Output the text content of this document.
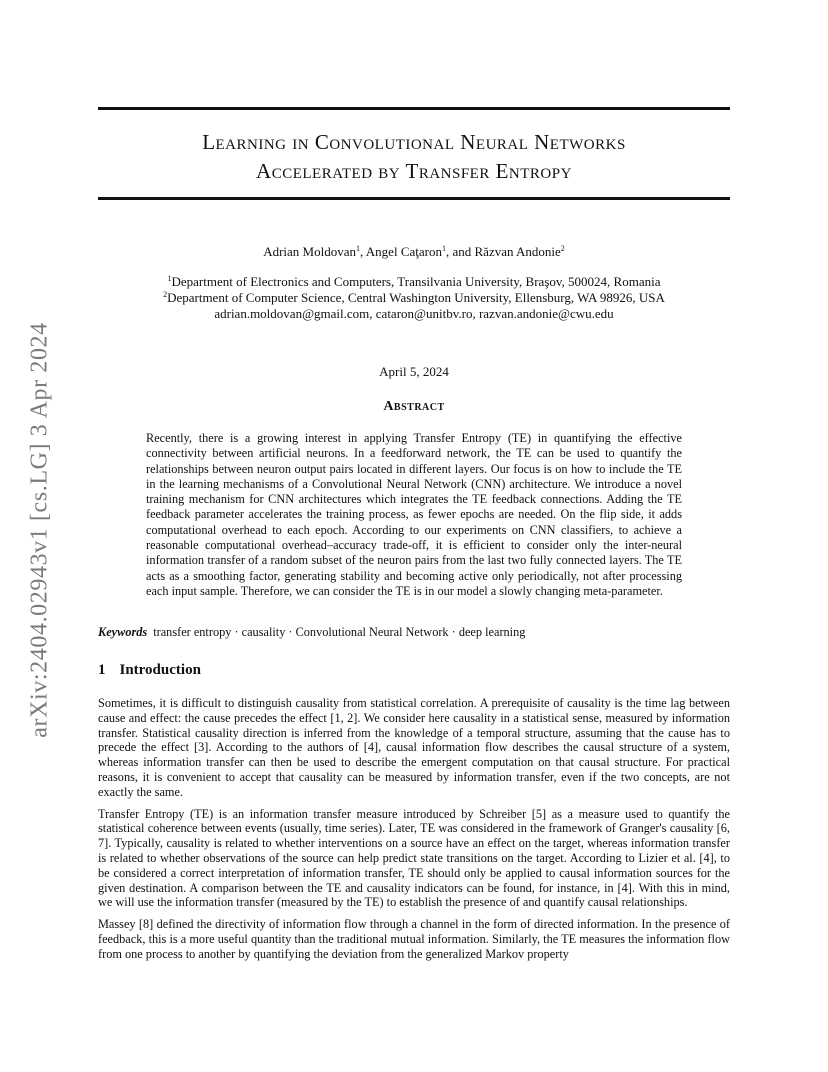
arXiv:2404.02943v1 [cs.LG] 3 Apr 2024
Learning in Convolutional Neural Networks
Accelerated by Transfer Entropy
Adrian Moldovan$^1$, Angel Caţaron$^1$, and Răzvan Andonie$^2$
$^1$Department of Electronics and Computers, Transilvania University, Braşov, 500024, Romania
$^2$Department of Computer Science, Central Washington University, Ellensburg, WA 98926, USA
adrian.moldovan@gmail.com, cataron@unitbv.ro, razvan.andonie@cwu.edu
April 5, 2024
Abstract

Recently, there is a growing interest in applying Transfer Entropy (TE) in quantifying the effective connectivity between artificial neurons. In a feedforward network, the TE can be used to quantify the relationships between neuron output pairs located in different layers. Our focus is on how to include the TE in the learning mechanisms of a Convolutional Neural Network (CNN) architecture. We introduce a novel training mechanism for CNN architectures which integrates the TE feedback connections. Adding the TE feedback parameter accelerates the training process, as fewer epochs are needed. On the flip side, it adds computational overhead to each epoch. According to our experiments on CNN classifiers, to achieve a reasonable computational overhead–accuracy trade-off, it is efficient to consider only the inter-neural information transfer of a random subset of the neuron pairs from the last two fully connected layers. The TE acts as a smoothing factor, generating stability and becoming active only periodically, not after processing each input sample. Therefore, we can consider the TE is in our model a slowly changing meta-parameter.

Keywords transfer entropy · causality · Convolutional Neural Network · deep learning
1 Introduction

Sometimes, it is difficult to distinguish causality from statistical correlation. A prerequisite of causality is the time lag between cause and effect: the cause precedes the effect [1, 2]. We consider here causality in a statistical sense, measured by information transfer. Statistical causality direction is inferred from the knowledge of a temporal structure, assuming that the cause has to precede the effect [3]. According to the authors of [4], causal information flow describes the causal structure of a system, whereas information transfer can then be used to describe the emergent computation on that causal structure. For practical reasons, it is convenient to accept that causality can be measured by information transfer, even if the two concepts, are not exactly the same.

Transfer Entropy (TE) is an information transfer measure introduced by Schreiber [5] as a measure used to quantify the statistical coherence between events (usually, time series). Later, TE was considered in the framework of Granger's causality [6, 7]. Typically, causality is related to whether interventions on a source have an effect on the target, whereas information transfer is related to whether observations of the source can help predict state transitions on the target. According to Lizier et al. [4], to be considered a correct interpretation of information transfer, TE should only be applied to causal information sources for the given destination. A comparison between the TE and causality indicators can be found, for instance, in [4]. With this in mind, we will use the information transfer (measured by the TE) to establish the presence of and quantify causal relationships.

Massey [8] defined the directivity of information flow through a channel in the form of directed information. In the presence of feedback, this is a more useful quantity than the traditional mutual information. Similarly, the TE measures the information flow from one process to another by quantifying the deviation from the generalized Markov property
